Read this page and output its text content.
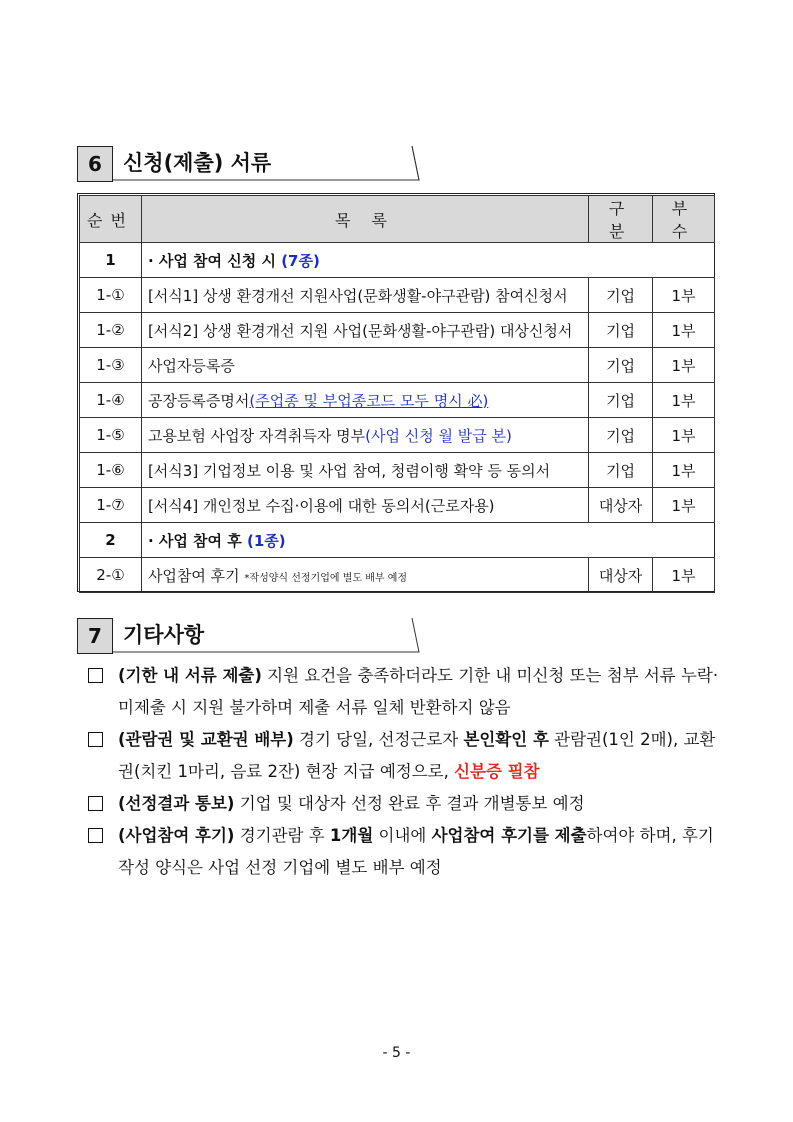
6	신청(제출) 서류
순번	목 록	구 분	부 수
1	· 사업 참여 신청 시 (7종)		
1-①	[서식1] 상생 환경개선 지원사업(문화생활-야구관람) 참여신청서	기업	1부
1-②	[서식2] 상생 환경개선 지원 사업(문화생활-야구관람) 대상신청서	기업	1부
1-③	사업자등록증	기업	1부
1-④	공장등록증명서(주업종 및 부업종코드 모두 명시 必)	기업	1부
1-⑤	고용보험 사업장 자격취득자 명부(사업 신청 월 발급 본)	기업	1부
1-⑥	[서식3] 기업정보 이용 및 사업 참여, 청렴이행 확약 등 동의서	기업	1부
1-⑦	[서식4] 개인정보 수집·이용에 대한 동의서(근로자용)	대상자	1부
2	· 사업 참여 후 (1종)		
2-①	사업참여 후기 *작성양식 선정기업에 별도 배부 예정	대상자	1부

7	기타사항
(기한 내 서류 제출) 지원 요건을 충족하더라도 기한 내 미신청 또는 첨부 서류 누락·미제출 시 지원 불가하며 제출 서류 일체 반환하지 않음
(관람권 및 교환권 배부) 경기 당일, 선정근로자 본인확인 후 관람권(1인 2매), 교환권(치킨 1마리, 음료 2잔) 현장 지급 예정으로, 신분증 필참
(선정결과 통보) 기업 및 대상자 선정 완료 후 결과 개별통보 예정
(사업참여 후기) 경기관람 후 1개월 이내에 사업참여 후기를 제출하여야 하며, 후기 작성 양식은 사업 선정 기업에 별도 배부 예정
- 5 -
